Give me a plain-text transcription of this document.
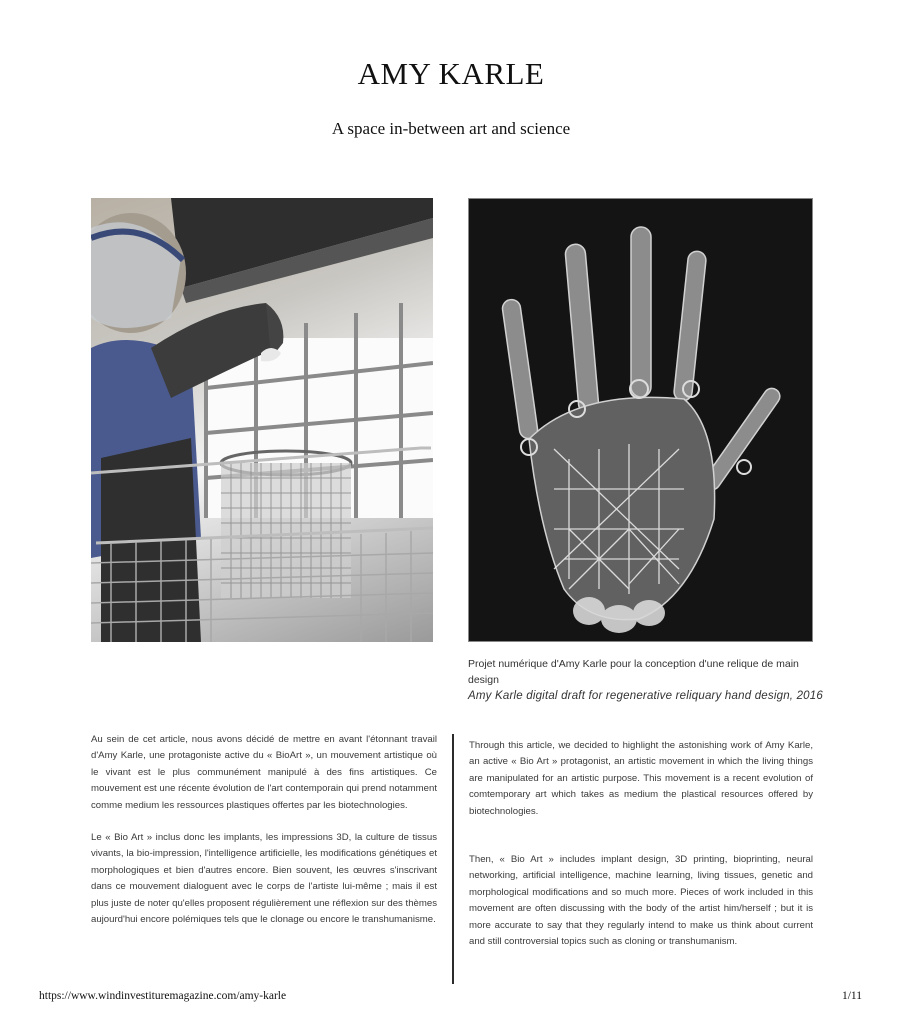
AMY KARLE
A space in-between art and science
Projet numérique d'Amy Karle pour la conception d'une relique de main design
Amy Karle digital draft for regenerative reliquary hand design, 2016

Au sein de cet article, nous avons décidé de mettre en avant l'étonnant travail d'Amy Karle, une protagoniste active du « BioArt », un mouvement artistique où le vivant est le plus communément manipulé à des fins artistiques. Ce mouvement est une récente évolution de l'art contemporain qui prend notamment comme medium les ressources plastiques offertes par les biotechnologies.

Le « Bio Art » inclus donc les implants, les impressions 3D, la culture de tissus vivants, la bio-impression, l'intelligence artificielle, les modifications génétiques et morphologiques et bien d'autres encore. Bien souvent, les œuvres s'inscrivant dans ce mouvement dialoguent avec le corps de l'artiste lui-même ; mais il est plus juste de noter qu'elles proposent régulièrement une réflexion sur des thèmes aujourd'hui encore polémiques tels que le clonage ou encore le transhumanisme.

Through this article, we decided to highlight the astonishing work of Amy Karle, an active « Bio Art » protagonist, an artistic movement in which the living things are manipulated for an artistic purpose. This movement is a recent evolution of comtemporary art which takes as medium the plastical resources offered by biotechnologies.

Then, « Bio Art » includes implant design, 3D printing, bioprinting, neural networking, artificial intelligence, machine learning, living tissues, genetic and morphological modifications and so much more. Pieces of work included in this movement are often discussing with the body of the artist him/herself ; but it is more accurate to say that they regularly intend to make us think about current and still controversial topics such as cloning or transhumanism.

https://www.windinvestituremagazine.com/amy-karle	1/11
